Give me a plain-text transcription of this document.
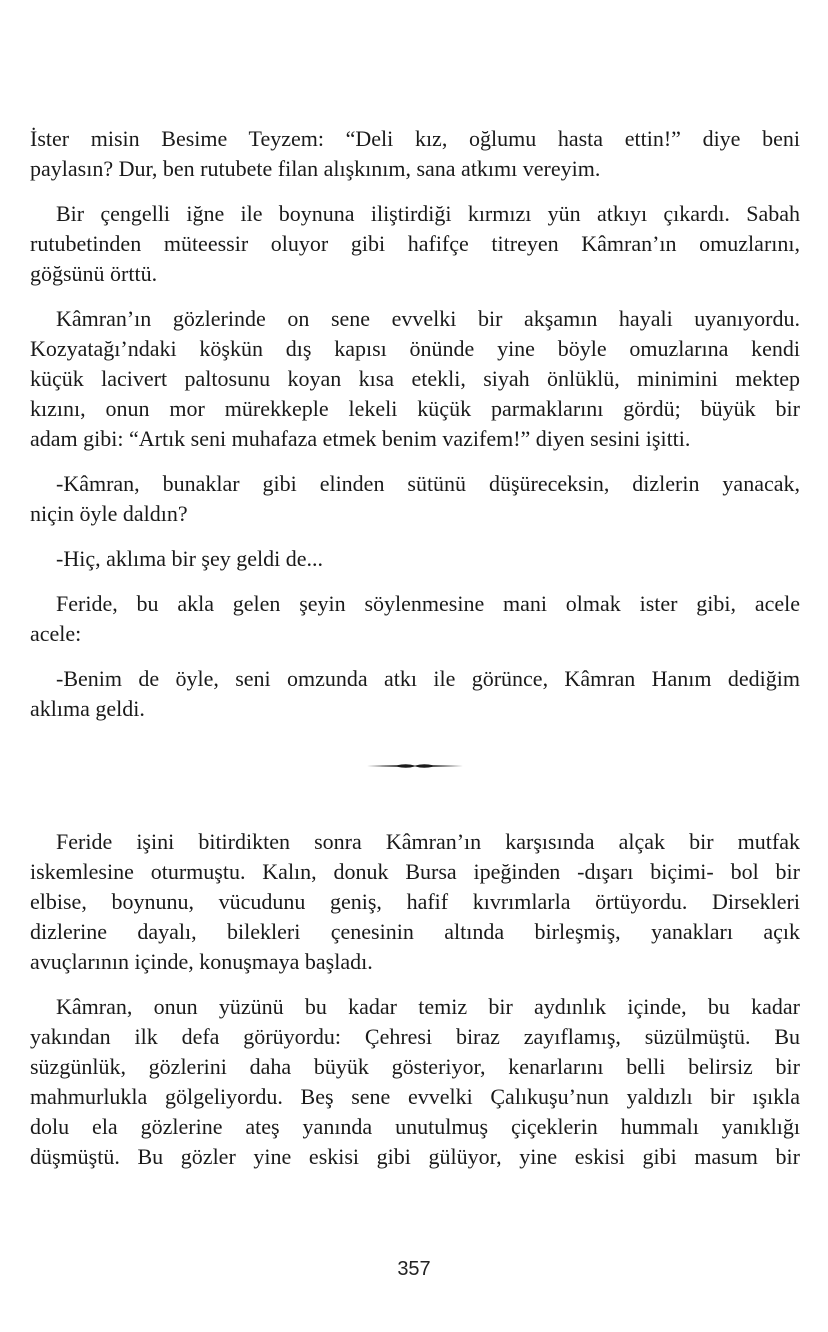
İster misin Besime Teyzem: “Deli kız, oğlumu hasta ettin!” diye beni
paylasın? Dur, ben rutubete filan alışkınım, sana atkımı vereyim.
Bir çengelli iğne ile boynuna iliştirdiği kırmızı yün atkıyı çıkardı. Sabah
rutubetinden müteessir oluyor gibi hafifçe titreyen Kâmran’ın omuzlarını,
göğsünü örttü.
Kâmran’ın gözlerinde on sene evvelki bir akşamın hayali uyanıyordu.
Kozyatağı’ndaki köşkün dış kapısı önünde yine böyle omuzlarına kendi
küçük lacivert paltosunu koyan kısa etekli, siyah önlüklü, minimini mektep
kızını, onun mor mürekkeple lekeli küçük parmaklarını gördü; büyük bir
adam gibi: “Artık seni muhafaza etmek benim vazifem!” diyen sesini işitti.
-Kâmran, bunaklar gibi elinden sütünü düşüreceksin, dizlerin yanacak,
niçin öyle daldın?
-Hiç, aklıma bir şey geldi de...
Feride, bu akla gelen şeyin söylenmesine mani olmak ister gibi, acele
acele:
-Benim de öyle, seni omzunda atkı ile görünce, Kâmran Hanım dediğim
aklıma geldi.
Feride işini bitirdikten sonra Kâmran’ın karşısında alçak bir mutfak
iskemlesine oturmuştu. Kalın, donuk Bursa ipeğinden -dışarı biçimi- bol bir
elbise, boynunu, vücudunu geniş, hafif kıvrımlarla örtüyordu. Dirsekleri
dizlerine dayalı, bilekleri çenesinin altında birleşmiş, yanakları açık
avuçlarının içinde, konuşmaya başladı.
Kâmran, onun yüzünü bu kadar temiz bir aydınlık içinde, bu kadar
yakından ilk defa görüyordu: Çehresi biraz zayıflamış, süzülmüştü. Bu
süzgünlük, gözlerini daha büyük gösteriyor, kenarlarını belli belirsiz bir
mahmurlukla gölgeliyordu. Beş sene evvelki Çalıkuşu’nun yaldızlı bir ışıkla
dolu ela gözlerine ateş yanında unutulmuş çiçeklerin hummalı yanıklığı
düşmüştü. Bu gözler yine eskisi gibi gülüyor, yine eskisi gibi masum bir
357
